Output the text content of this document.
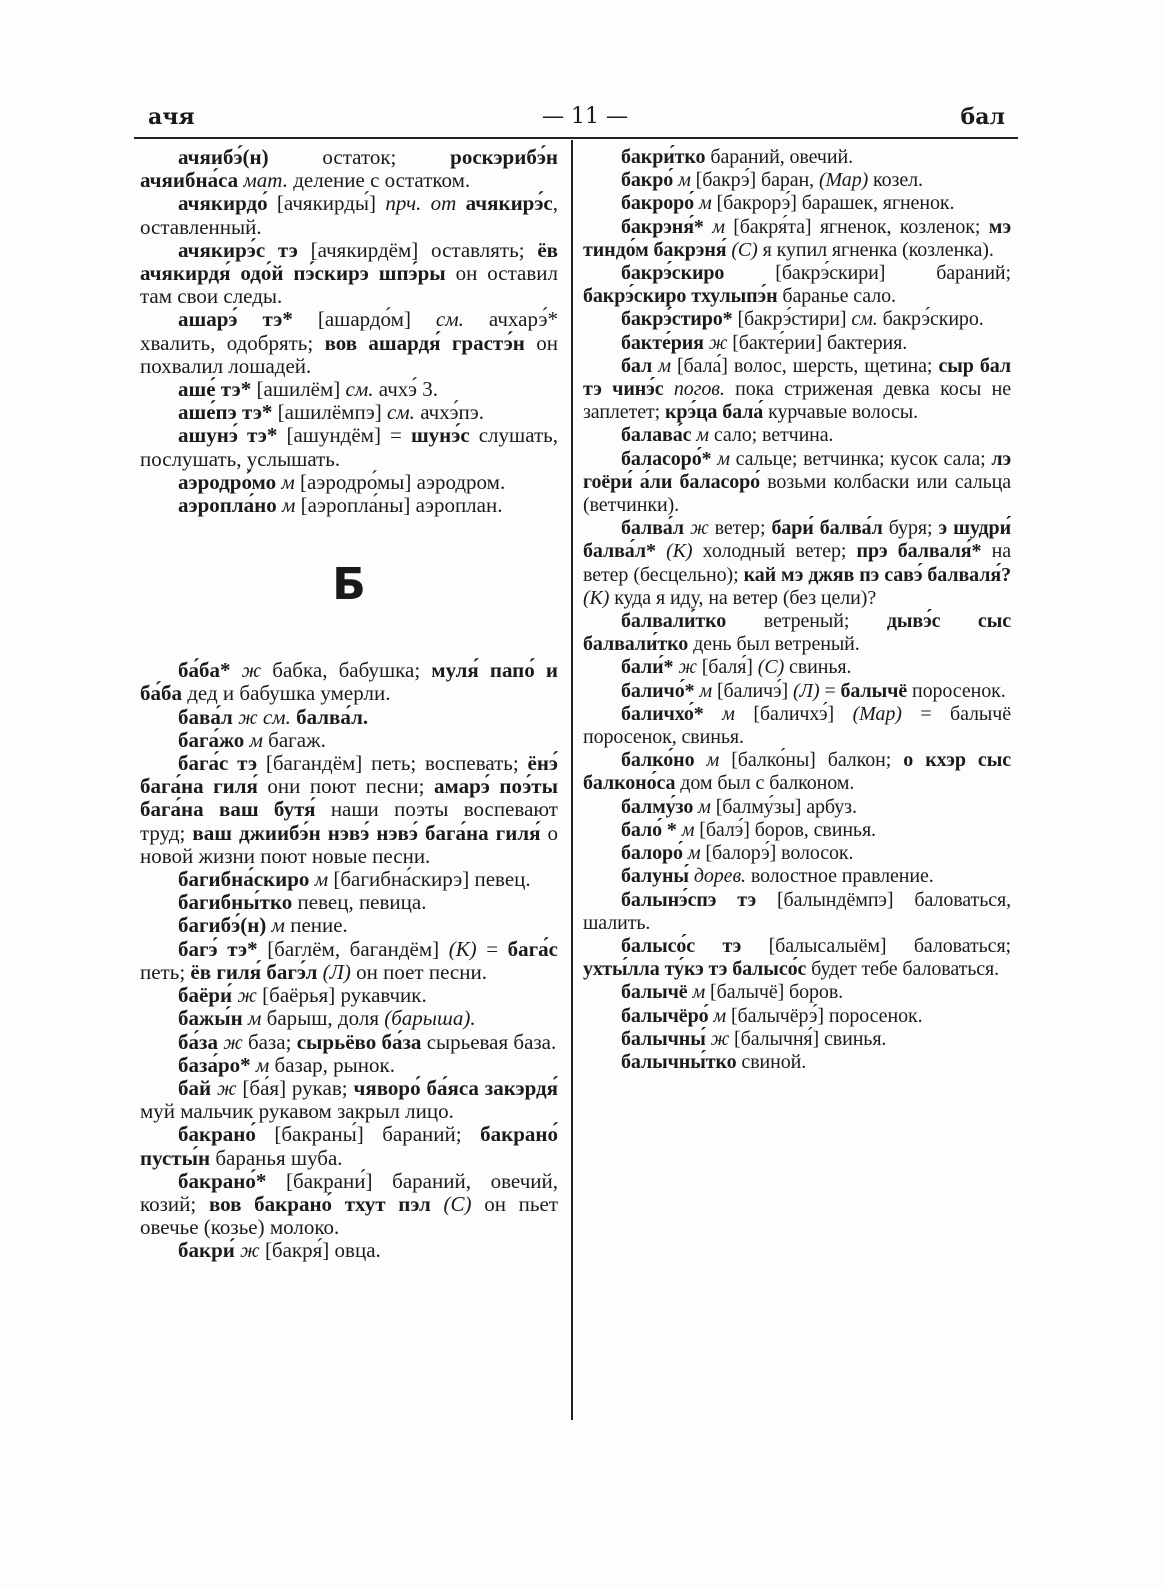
ачя	— 11 —	бал

ачяибэ́(н) остаток; роскэрибэ́н ачяибна́са мат. деление с остатком.

ачякирдо́ [ачякирды́] прч. от ачякирэ́с, оставленный.

ачякирэ́с тэ [ачякирдём] оставлять; ёв ачякирдя́ одо́й пэ́скирэ шпэ́ры он оставил там свои следы.

ашарэ́ тэ* [ашардо́м] см. ачхарэ́* хвалить, одобрять; вов ашардя́ грастэ́н он похвалил лошадей.

аше́ тэ* [ашилём] см. ачхэ́ 3.

аше́пэ тэ* [ашилёмпэ] см. ачхэ́пэ.

ашунэ́ тэ* [ашундём] = шунэ́с слушать, послушать, услышать.

аэродро́мо м [аэродро́мы] аэродром.

аэропла́но м [аэропла́ны] аэроплан.

Б

ба́ба* ж бабка, бабушка; муля́ папо́ и ба́ба дед и бабушка умерли.

бава́л ж см. балва́л.

бага́жо м багаж.

бага́с тэ [багандём] петь; воспевать; ёнэ́ бага́на гиля́ они поют песни; амарэ́ поэ́ты бага́на ваш бутя́ наши поэты воспевают труд; ваш джиибэ́н нэвэ́ нэвэ́ бага́на гиля́ о новой жизни поют новые песни.

багибна́скиро м [багибна́скирэ] певец.

багибны́тко певец, певица.

багибэ́(н) м пение.

багэ́ тэ* [баглём, багандём] (К) = бага́с петь; ёв гиля́ багэ́л (Л) он поет песни.

баёри́ ж [баёрья] рукавчик.

бажы́н м барыш, доля (барыша).

ба́за ж база; сырьёво ба́за сырьевая база.

база́ро* м базар, рынок.

бай ж [ба́я] рукав; чяворо́ ба́яса закэрдя́ муй мальчик рукавом закрыл лицо.

бакрано́ [бакраны́] бараний; бакрано́ пусты́н баранья шуба.

бакрано́* [бакрани́] бараний, овечий, козий; вов бакрано́ тхут пэл (С) он пьет овечье (козье) молоко.

бакри́ ж [бакря́] овца.

бакри́тко бараний, овечий.

бакро́ м [бакрэ́] баран, (Мар) козел.

бакроро́ м [бакрорэ́] барашек, ягненок.

бакрэня́* м [бакря́та] ягненок, козленок; мэ тиндо́м бакрэня́ (С) я купил ягненка (козленка).

бакрэ́скиро [бакрэ́скири] бараний; бакрэ́скиро тхулыпэ́н баранье сало.

бакрэ́стиро* [бакрэ́стири] см. бакрэ́скиро.

бакте́рия ж [бакте́рии] бактерия.

бал м [бала́] волос, шерсть, щетина; сыр бал тэ чинэ́с погов. пока стриженая девка косы не заплетет; крэ́ца бала́ курчавые волосы.

балава́с м сало; ветчина.

баласоро́* м сальце; ветчинка; кусок сала; лэ гоёри́ а́ли баласоро́ возьми колбаски или сальца (ветчинки).

балва́л ж ветер; бари́ балва́л буря; э шудри́ балва́л* (К) холодный ветер; прэ балваля́* на ветер (бесцельно); кай мэ джяв пэ савэ́ балваля́? (К) куда я иду, на ветер (без цели)?

балвали́тко ветреный; дывэ́с сыс балвали́тко день был ветреный.

бали́* ж [баля́] (С) свинья.

баличо́* м [баличэ́] (Л) = балычё поросенок.

баличхо́* м [баличхэ́] (Мар) = балычё поросенок, свинья.

балко́но м [балко́ны] балкон; о кхэр сыс балконо́са дом был с балконом.

балму́зо м [балму́зы] арбуз.

бало́ * м [балэ́] боров, свинья.

балоро́ м [балорэ́] волосок.

балуны́ дорев. волостное правление.

балынэ́спэ тэ [балындёмпэ] баловаться, шалить.

балысо́с тэ [балысалыём] баловаться; ухты́лла ту́кэ тэ балысо́с будет тебе баловаться.

балычё м [балычё] боров.

балычёро́ м [балычёрэ́] поросенок.

балычны́ ж [балычня́] свинья.

балычны́тко свиной.
